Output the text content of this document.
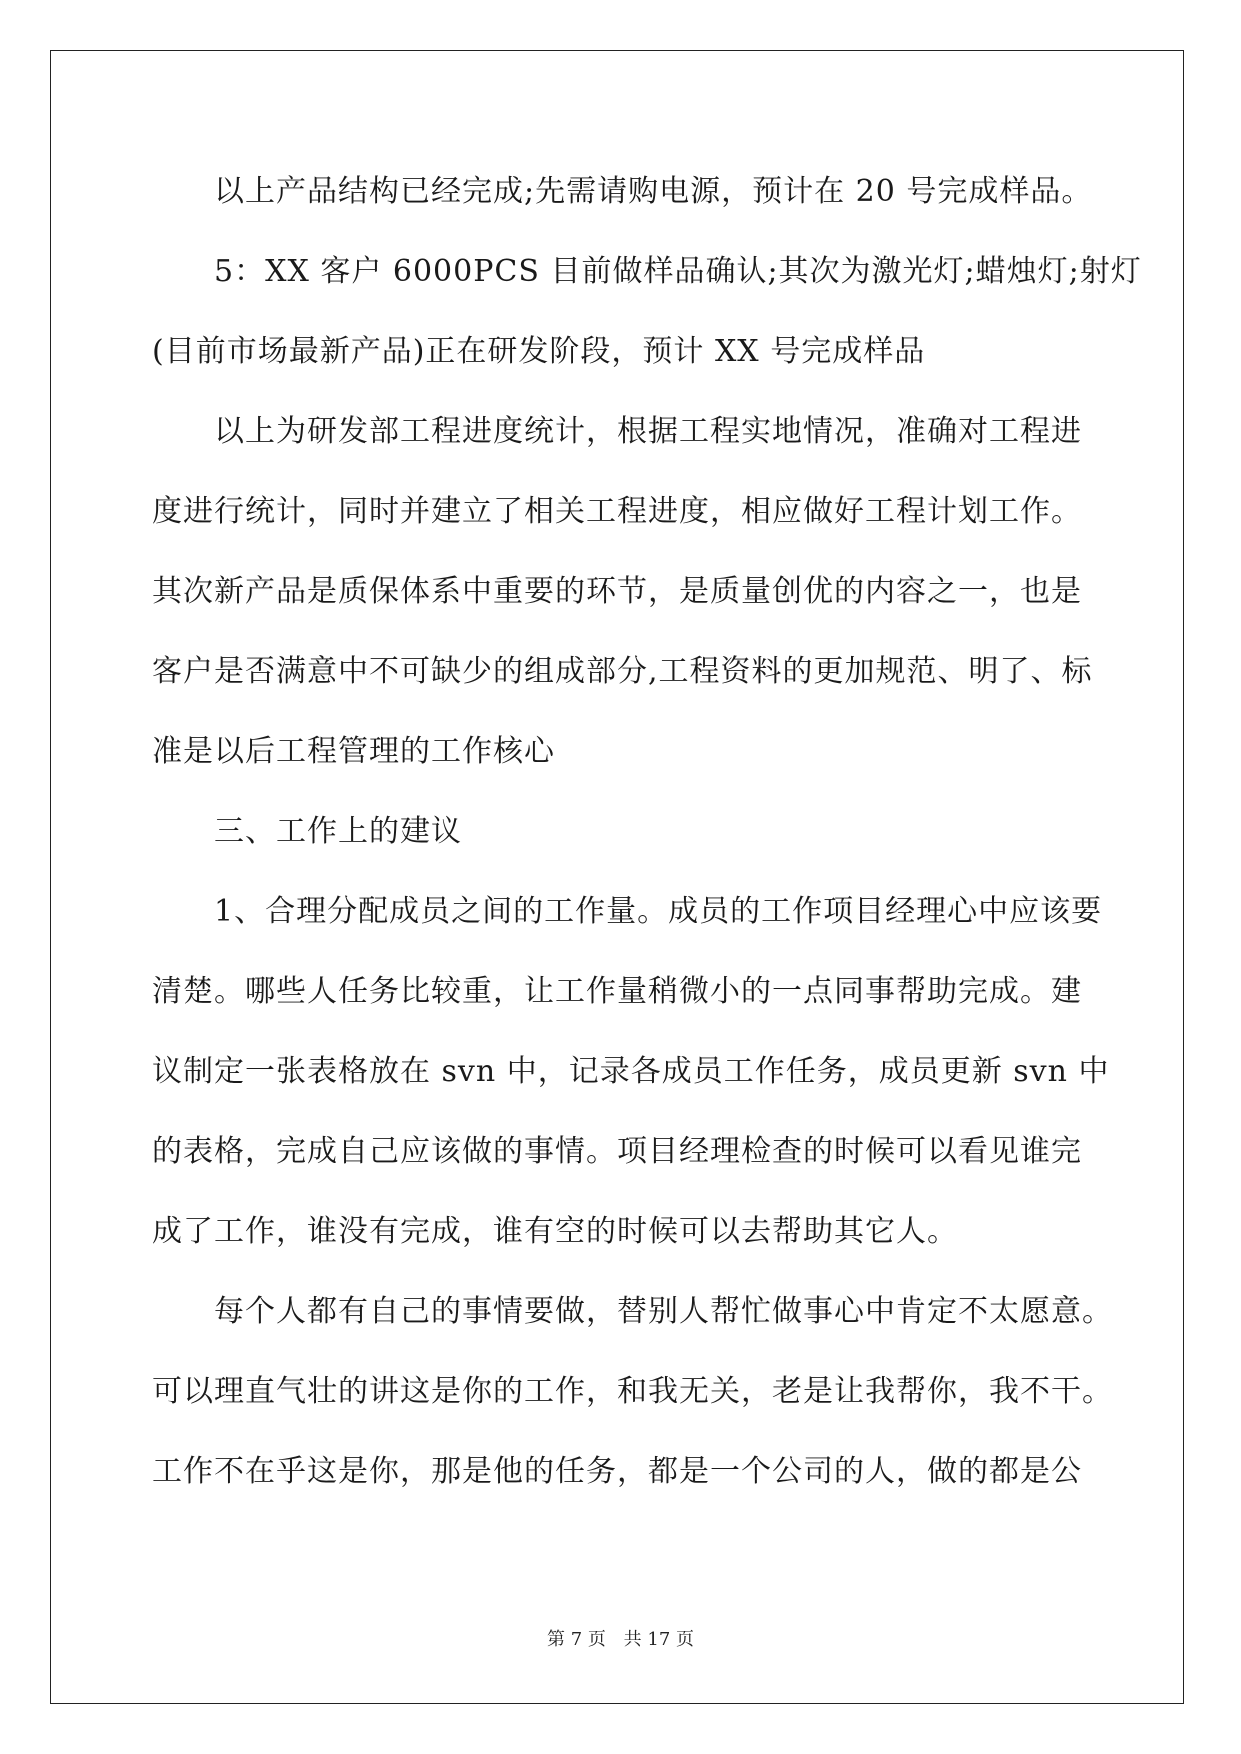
以上产品结构已经完成;先需请购电源，预计在 20 号完成样品。
5：XX 客户 6000PCS 目前做样品确认;其次为激光灯;蜡烛灯;射灯
(目前市场最新产品)正在研发阶段，预计 XX 号完成样品
以上为研发部工程进度统计，根据工程实地情况，准确对工程进
度进行统计，同时并建立了相关工程进度，相应做好工程计划工作。
其次新产品是质保体系中重要的环节，是质量创优的内容之一，也是
客户是否满意中不可缺少的组成部分,工程资料的更加规范、明了、标
准是以后工程管理的工作核心
三、工作上的建议
1、合理分配成员之间的工作量。成员的工作项目经理心中应该要
清楚。哪些人任务比较重，让工作量稍微小的一点同事帮助完成。建
议制定一张表格放在 svn 中，记录各成员工作任务，成员更新 svn 中
的表格，完成自己应该做的事情。项目经理检查的时候可以看见谁完
成了工作，谁没有完成，谁有空的时候可以去帮助其它人。
每个人都有自己的事情要做，替别人帮忙做事心中肯定不太愿意。
可以理直气壮的讲这是你的工作，和我无关，老是让我帮你，我不干。
工作不在乎这是你，那是他的任务，都是一个公司的人，做的都是公
第 7 页 共 17 页
